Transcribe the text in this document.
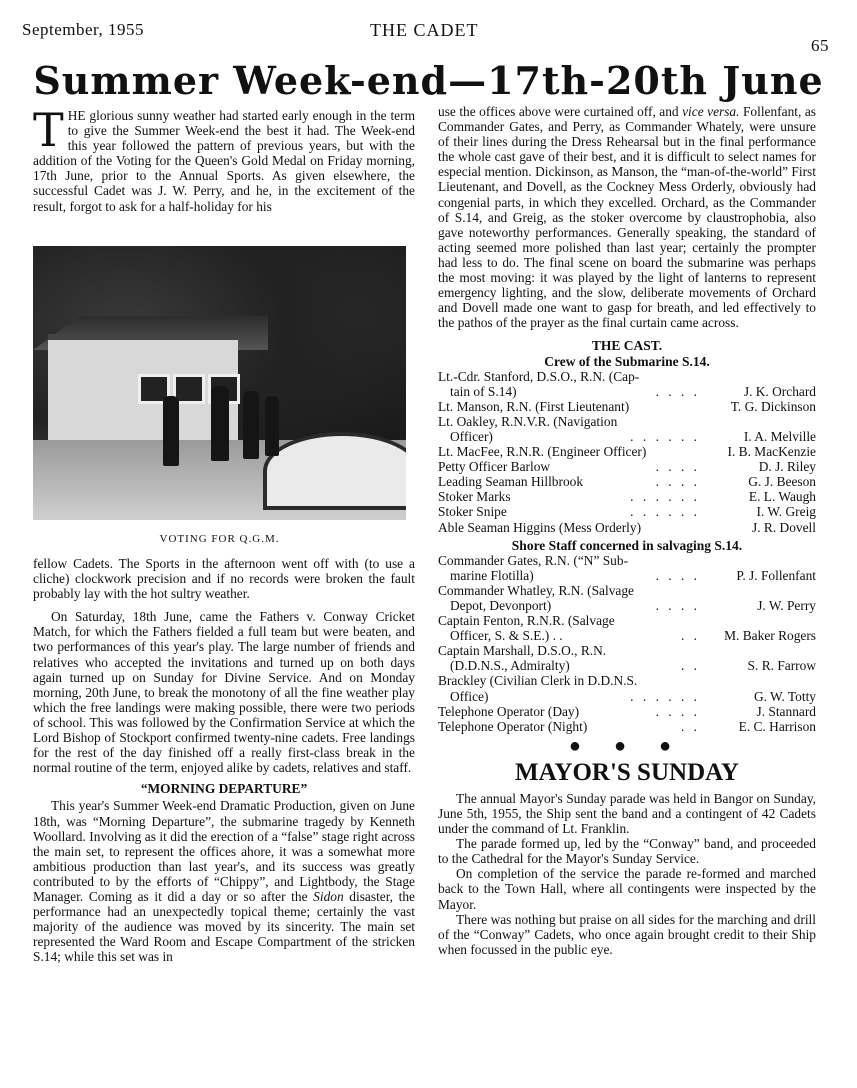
September, 1955	THE CADET
65
Summer Week-end—17th-20th June

THE glorious sunny weather had started early enough in the term to give the Summer Week-end the best it had. The Week-end this year followed the pattern of previous years, but with the addition of the Voting for the Queen's Gold Medal on Friday morning, 17th June, prior to the Annual Sports. As given elsewhere, the successful Cadet was J. W. Perry, and he, in the excitement of the result, forgot to ask for a half-holiday for his

VOTING FOR Q.G.M.

fellow Cadets. The Sports in the afternoon went off with (to use a cliche) clockwork precision and if no records were broken the fault probably lay with the hot sultry weather.

On Saturday, 18th June, came the Fathers v. Conway Cricket Match, for which the Fathers fielded a full team but were beaten, and two performances of this year's play. The large number of friends and relatives who accepted the invitations and turned up on both days again turned up on Sunday for Divine Service. And on Monday morning, 20th June, to break the monotony of all the fine weather play which the free landings were making possible, there were two periods of school. This was followed by the Confirmation Service at which the Lord Bishop of Stockport confirmed twenty-nine cadets. Free landings for the rest of the day finished off a really first-class break in the normal routine of the term, enjoyed alike by cadets, relatives and staff.

“MORNING DEPARTURE”

This year's Summer Week-end Dramatic Production, given on June 18th, was “Morning Departure”, the submarine tragedy by Kenneth Woollard. Involving as it did the erection of a “false” stage right across the main set, to represent the offices ahore, it was a somewhat more ambitious production than last year's, and its success was greatly contributed to by the efforts of “Chippy”, and Lightbody, the Stage Manager. Coming as it did a day or so after the Sidon disaster, the performance had an unexpectedly topical theme; certainly the vast majority of the audience was moved by its sincerity. The main set represented the Ward Room and Escape Compartment of the stricken S.14; while this set was in

use the offices above were curtained off, and vice versa. Follenfant, as Commander Gates, and Perry, as Commander Whately, were unsure of their lines during the Dress Rehearsal but in the final performance the whole cast gave of their best, and it is difficult to select names for especial mention. Dickinson, as Manson, the “man-of-the-world” First Lieutenant, and Dovell, as the Cockney Mess Orderly, obviously had congenial parts, in which they excelled. Orchard, as the Commander of S.14, and Greig, as the stoker overcome by claustrophobia, also gave noteworthy performances. Generally speaking, the standard of acting seemed more polished than last year; certainly the prompter had less to do. The final scene on board the submarine was perhaps the most moving: it was played by the light of lanterns to represent emergency lighting, and the slow, deliberate movements of Orchard and Dovell made one want to gasp for breath, and led effectively to the pathos of the prayer as the final curtain came across.

THE CAST.
Crew of the Submarine S.14.
Lt.-Cdr. Stanford, D.S.O., R.N. (Cap-
tain of S.14)	. . . .	J. K. Orchard
Lt. Manson, R.N. (First Lieutenant)	T. G. Dickinson
Lt. Oakley, R.N.V.R. (Navigation
Officer)	. . . . . .	I. A. Melville
Lt. MacFee, R.N.R. (Engineer Officer)	I. B. MacKenzie
Petty Officer Barlow	. . . .	D. J. Riley
Leading Seaman Hillbrook	. . . .	G. J. Beeson
Stoker Marks	. . . . . .	E. L. Waugh
Stoker Snipe	. . . . . .	I. W. Greig
Able Seaman Higgins (Mess Orderly)	J. R. Dovell
Shore Staff concerned in salvaging S.14.
Commander Gates, R.N. (“N” Sub-
marine Flotilla)	. . . .	P. J. Follenfant
Commander Whatley, R.N. (Salvage
Depot, Devonport)	. . . .	J. W. Perry
Captain Fenton, R.N.R. (Salvage
Officer, S. & S.E.) . .	. .	M. Baker Rogers
Captain Marshall, D.S.O., R.N.
(D.D.N.S., Admiralty)	. .	S. R. Farrow
Brackley (Civilian Clerk in D.D.N.S.
Office)	. . . . . .	G. W. Totty
Telephone Operator (Day)	. . . .	J. Stannard
Telephone Operator (Night)	. .	E. C. Harrison
● ● ●
MAYOR'S SUNDAY

The annual Mayor's Sunday parade was held in Bangor on Sunday, June 5th, 1955, the Ship sent the band and a contingent of 42 Cadets under the command of Lt. Franklin.

The parade formed up, led by the “Conway” band, and proceeded to the Cathedral for the Mayor's Sunday Service.

On completion of the service the parade re-formed and marched back to the Town Hall, where all contingents were inspected by the Mayor.

There was nothing but praise on all sides for the marching and drill of the “Conway” Cadets, who once again brought credit to their Ship when focussed in the public eye.
